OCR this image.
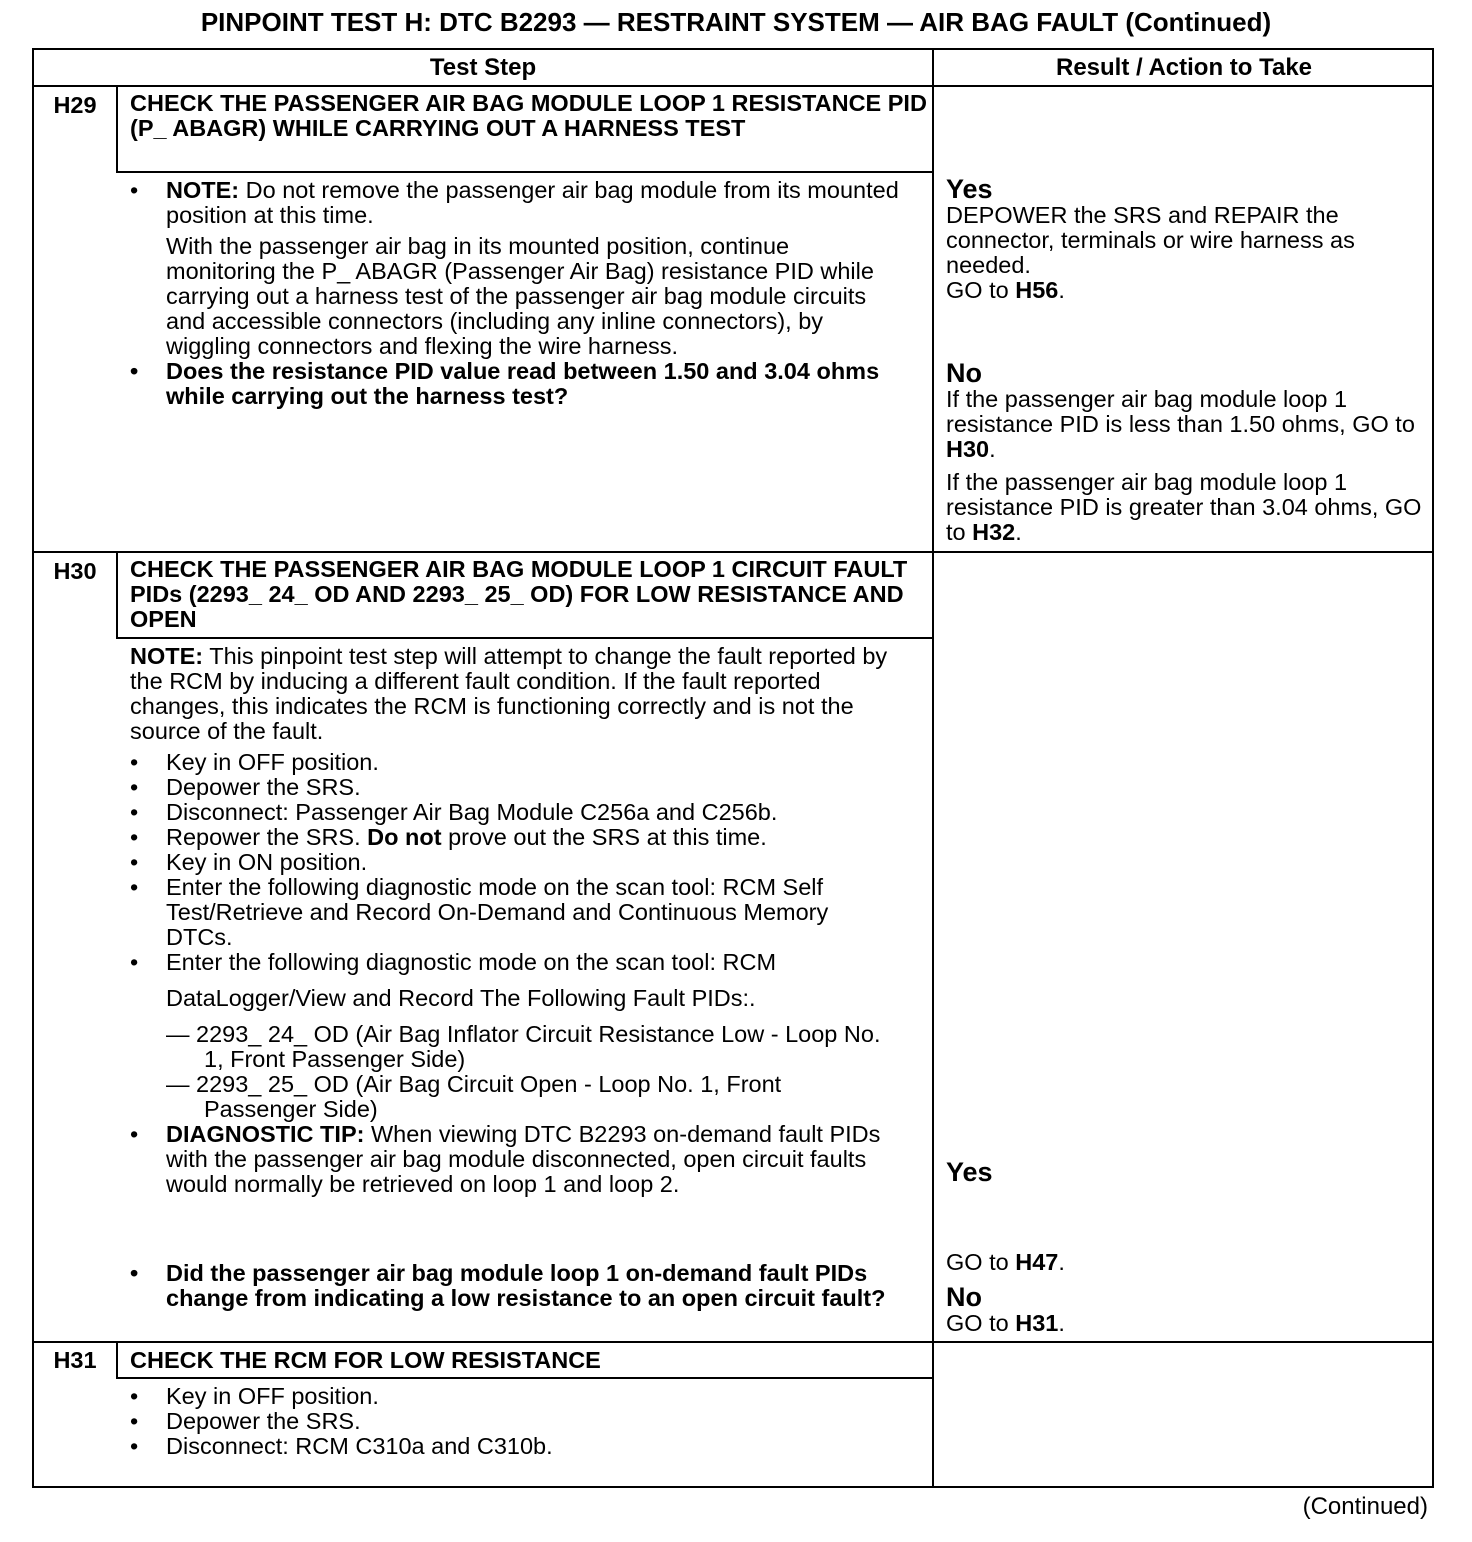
PINPOINT TEST H: DTC B2293 — RESTRAINT SYSTEM — AIR BAG FAULT (Continued)
Test Step	Result / Action to Take
H29	CHECK THE PASSENGER AIR BAG MODULE LOOP 1 RESISTANCE PID (P_ ABAGR) WHILE CARRYING OUT A HARNESS TEST

• NOTE: Do not remove the passenger air bag module from its mounted position at this time.

With the passenger air bag in its mounted position, continue monitoring the P_ ABAGR (Passenger Air Bag) resistance PID while carrying out a harness test of the passenger air bag module circuits and accessible connectors (including any inline connectors), by wiggling connectors and flexing the wire harness.

• Does the resistance PID value read between 1.50 and 3.04 ohms while carrying out the harness test?
Yes

DEPOWER the SRS and REPAIR the connector, terminals or wire harness as needed.

GO to H56.

No

If the passenger air bag module loop 1 resistance PID is less than 1.50 ohms, GO to H30.

If the passenger air bag module loop 1 resistance PID is greater than 3.04 ohms, GO to H32.

H30	CHECK THE PASSENGER AIR BAG MODULE LOOP 1 CIRCUIT FAULT PIDs (2293_ 24_ OD AND 2293_ 25_ OD) FOR LOW RESISTANCE AND OPEN

NOTE: This pinpoint test step will attempt to change the fault reported by the RCM by inducing a different fault condition. If the fault reported changes, this indicates the RCM is functioning correctly and is not the source of the fault.

• Key in OFF position.
• Depower the SRS.
• Disconnect: Passenger Air Bag Module C256a and C256b.
• Repower the SRS. Do not prove out the SRS at this time.
• Key in ON position.
• Enter the following diagnostic mode on the scan tool: RCM Self Test/Retrieve and Record On-Demand and Continuous Memory DTCs.

• Enter the following diagnostic mode on the scan tool: RCM

DataLogger/View and Record The Following Fault PIDs:.

— 2293_ 24_ OD (Air Bag Inflator Circuit Resistance Low - Loop No. 1, Front Passenger Side)

— 2293_ 25_ OD (Air Bag Circuit Open - Loop No. 1, Front Passenger Side)

• DIAGNOSTIC TIP: When viewing DTC B2293 on-demand fault PIDs with the passenger air bag module disconnected, open circuit faults would normally be retrieved on loop 1 and loop 2.
• Did the passenger air bag module loop 1 on-demand fault PIDs change from indicating a low resistance to an open circuit fault?
Yes

GO to H47.

No

GO to H31.

H31	CHECK THE RCM FOR LOW RESISTANCE
• Key in OFF position.
• Depower the SRS.
• Disconnect: RCM C310a and C310b.
(Continued)
